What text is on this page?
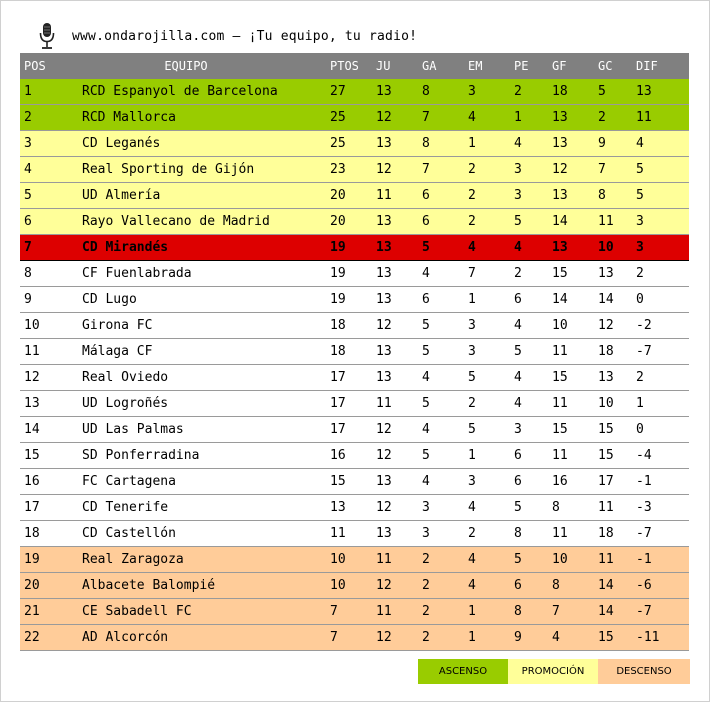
www.ondarojilla.com – ¡Tu equipo, tu radio!
POS	EQUIPO	PTOS	JU	GA	EM	PE	GF	GC	DIF
1	RCD Espanyol de Barcelona	27	13	8	3	2	18	5	13
2	RCD Mallorca	25	12	7	4	1	13	2	11
3	CD Leganés	25	13	8	1	4	13	9	4
4	Real Sporting de Gijón	23	12	7	2	3	12	7	5
5	UD Almería	20	11	6	2	3	13	8	5
6	Rayo Vallecano de Madrid	20	13	6	2	5	14	11	3
7	CD Mirandés	19	13	5	4	4	13	10	3
8	CF Fuenlabrada	19	13	4	7	2	15	13	2
9	CD Lugo	19	13	6	1	6	14	14	0
10	Girona FC	18	12	5	3	4	10	12	-2
11	Málaga CF	18	13	5	3	5	11	18	-7
12	Real Oviedo	17	13	4	5	4	15	13	2
13	UD Logroñés	17	11	5	2	4	11	10	1
14	UD Las Palmas	17	12	4	5	3	15	15	0
15	SD Ponferradina	16	12	5	1	6	11	15	-4
16	FC Cartagena	15	13	4	3	6	16	17	-1
17	CD Tenerife	13	12	3	4	5	8	11	-3
18	CD Castellón	11	13	3	2	8	11	18	-7
19	Real Zaragoza	10	11	2	4	5	10	11	-1
20	Albacete Balompié	10	12	2	4	6	8	14	-6
21	CE Sabadell FC	7	11	2	1	8	7	14	-7
22	AD Alcorcón	7	12	2	1	9	4	15	-11
ASCENSO	PROMOCIÓN	DESCENSO
